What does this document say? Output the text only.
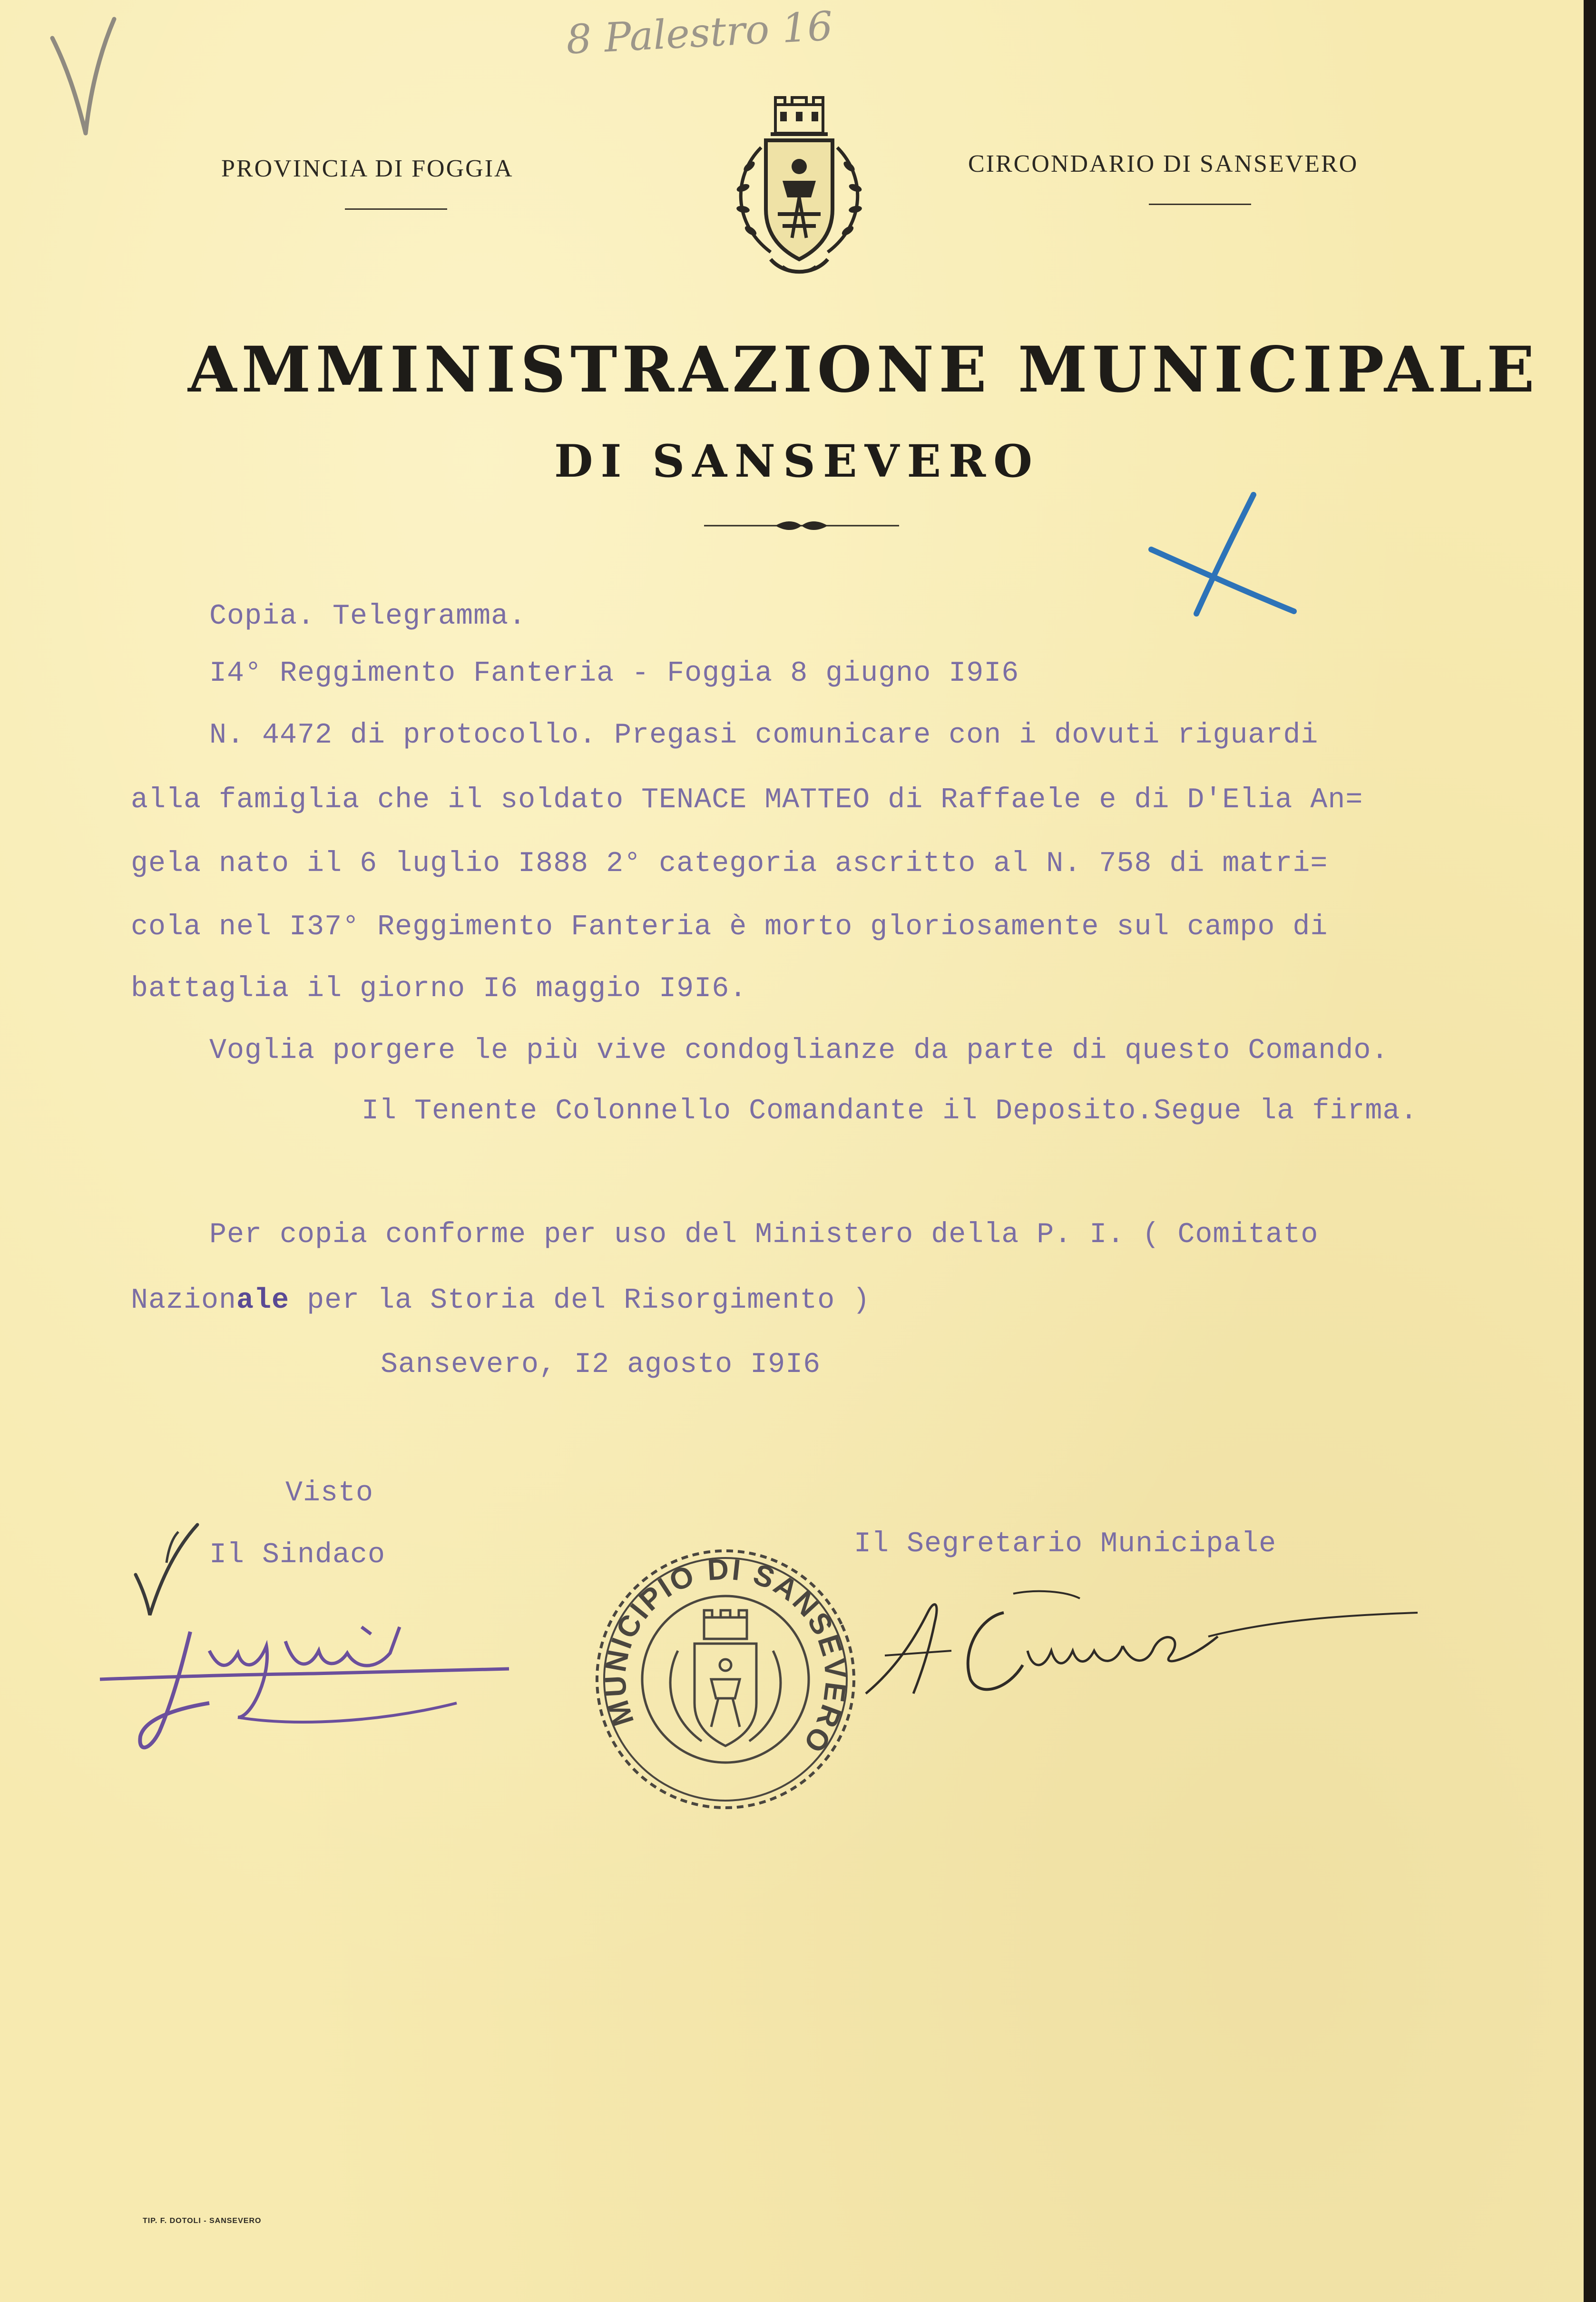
8 Palestro 16
PROVINCIA DI FOGGIA	CIRCONDARIO DI SANSEVERO
AMMINISTRAZIONE MUNICIPALE
DI SANSEVERO
Copia. Telegramma.
I4° Reggimento Fanteria - Foggia 8 giugno I9I6
N. 4472 di protocollo. Pregasi comunicare con i dovuti riguardi
alla famiglia che il soldato TENACE MATTEO di Raffaele e di D'Elia An=
gela nato il 6 luglio I888 2° categoria ascritto al N. 758 di matri=
cola nel I37° Reggimento Fanteria è morto gloriosamente sul campo di
battaglia il giorno I6 maggio I9I6.
Voglia porgere le più vive condoglianze da parte di questo Comando.
Il Tenente Colonnello Comandante il Deposito.Segue la firma.
Per copia conforme per uso del Ministero della P. I. ( Comitato
Nazionale per la Storia del Risorgimento )
Sansevero, I2 agosto I9I6
Visto
Il Sindaco	Il Segretario Municipale
MUNICIPIO DI SANSEVERO
TIP. F. DOTOLI - SANSEVERO
